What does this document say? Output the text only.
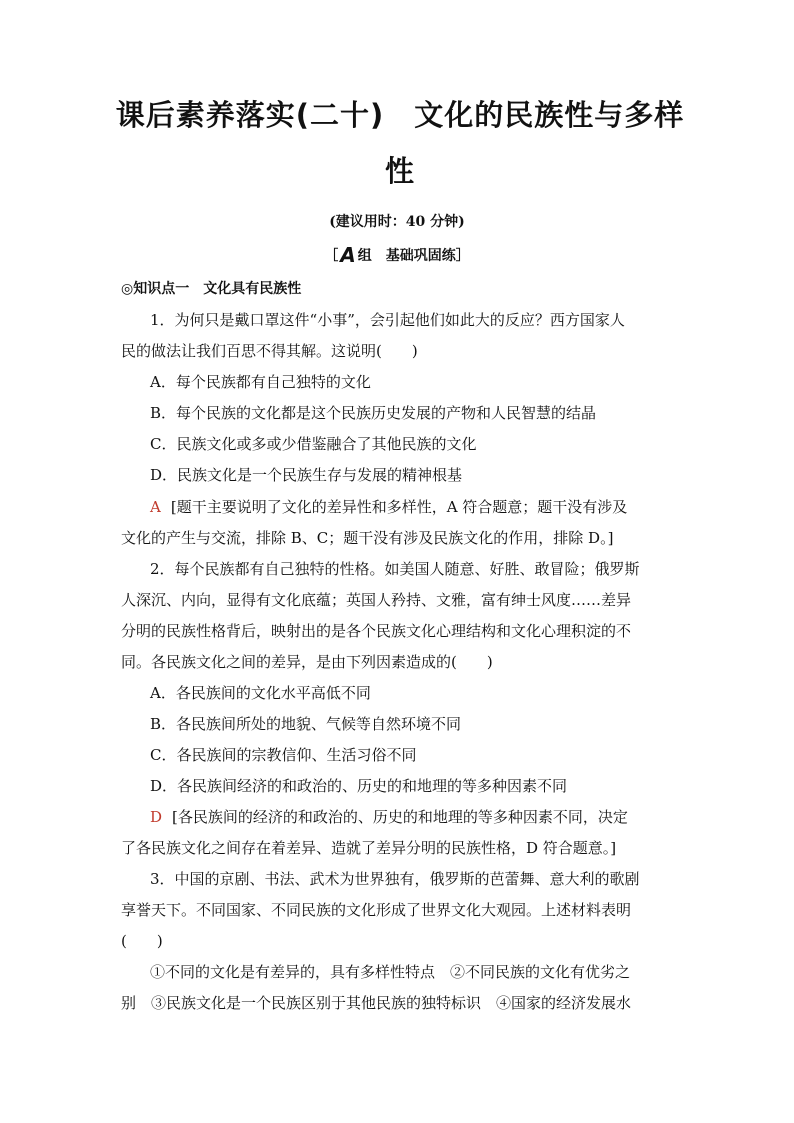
课后素养落实(二十)　文化的民族性与多样
性
(建议用时：40 分钟)
［ A 组　基础巩固练］
◎知识点一　文化具有民族性
1．为何只是戴口罩这件“小事”，会引起他们如此大的反应？西方国家人
民的做法让我们百思不得其解。这说明(　　)
A．每个民族都有自己独特的文化
B．每个民族的文化都是这个民族历史发展的产物和人民智慧的结晶
C．民族文化或多或少借鉴融合了其他民族的文化
D．民族文化是一个民族生存与发展的精神根基
A [题干主要说明了文化的差异性和多样性，A 符合题意；题干没有涉及
文化的产生与交流，排除 B、C；题干没有涉及民族文化的作用，排除 D。]
2．每个民族都有自己独特的性格。如美国人随意、好胜、敢冒险；俄罗斯
人深沉、内向，显得有文化底蕴；英国人矜持、文雅，富有绅士风度……差异
分明的民族性格背后，映射出的是各个民族文化心理结构和文化心理积淀的不
同。各民族文化之间的差异，是由下列因素造成的(　　)
A．各民族间的文化水平高低不同
B．各民族间所处的地貌、气候等自然环境不同
C．各民族间的宗教信仰、生活习俗不同
D．各民族间经济的和政治的、历史的和地理的等多种因素不同
D [各民族间的经济的和政治的、历史的和地理的等多种因素不同，决定
了各民族文化之间存在着差异、造就了差异分明的民族性格，D 符合题意。]
3．中国的京剧、书法、武术为世界独有，俄罗斯的芭蕾舞、意大利的歌剧
享誉天下。不同国家、不同民族的文化形成了世界文化大观园。上述材料表明
(　　)
①不同的文化是有差异的，具有多样性特点　②不同民族的文化有优劣之
别　③民族文化是一个民族区别于其他民族的独特标识　④国家的经济发展水
